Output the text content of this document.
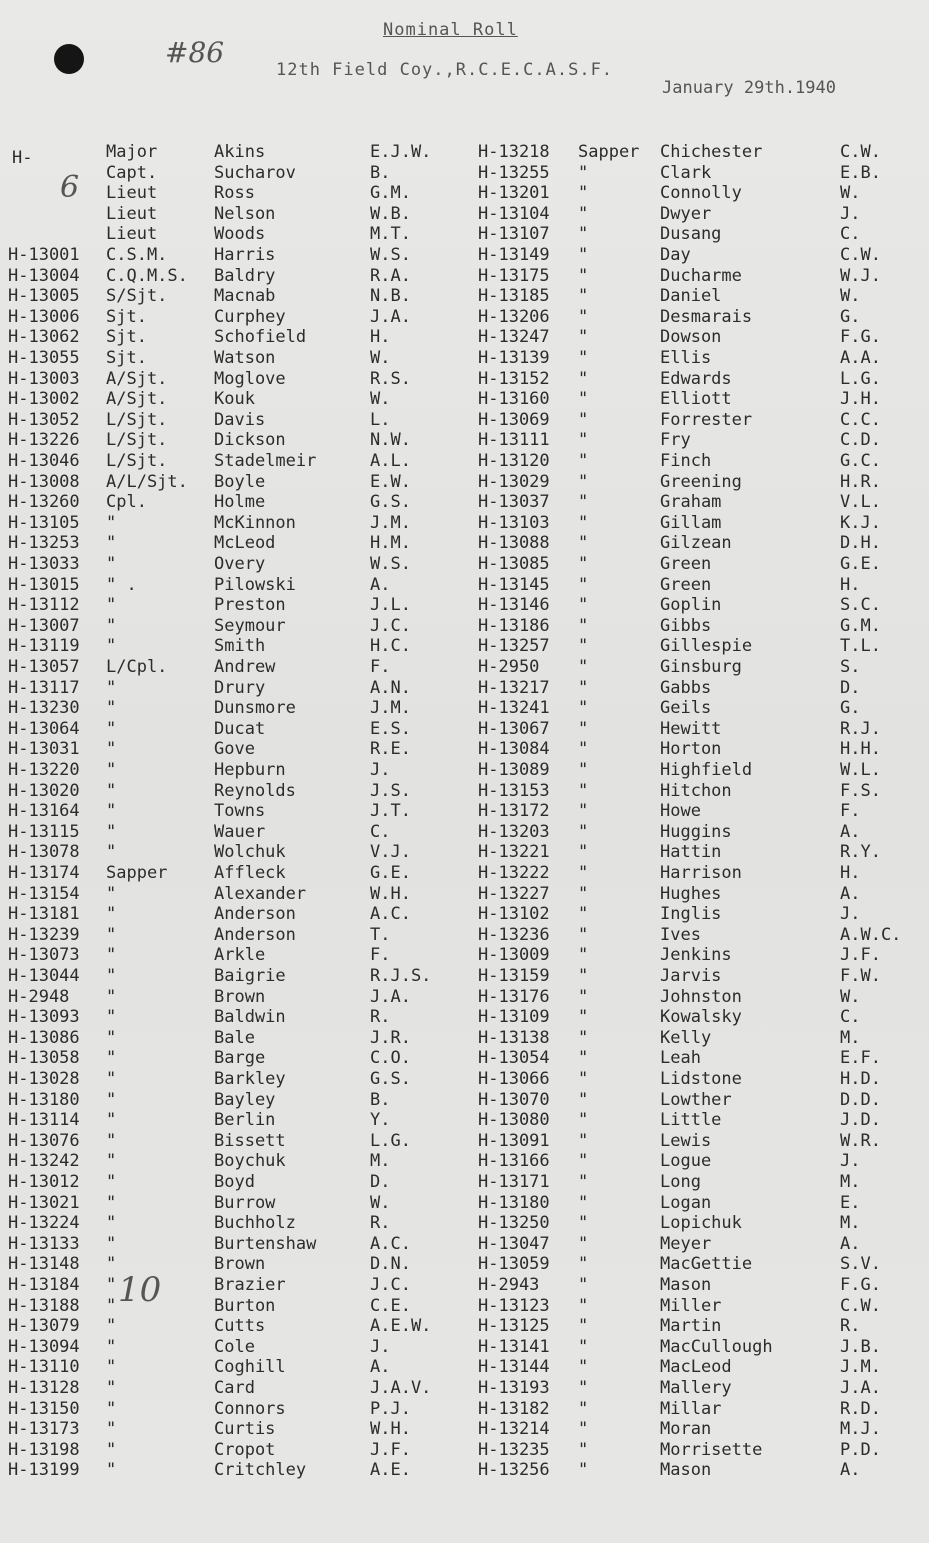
#86
Nominal Roll
12th Field Coy.,R.C.E.C.A.S.F.
January 29th.1940
H-
6
10
Major	Akins	E.J.W.
Capt.	Sucharov	B.
Lieut	Ross	G.M.
Lieut	Nelson	W.B.
Lieut	Woods	M.T.
H-13001 C.S.M.	Harris	W.S.
H-13004 C.Q.M.S. Baldry	R.A.
H-13005 S/Sjt.	Macnab	N.B.
H-13006 Sjt.	Curphey	J.A.
H-13062 Sjt.	Schofield	H.
H-13055 Sjt.	Watson	W.
H-13003 A/Sjt.	Moglove	R.S.
H-13002 A/Sjt.	Kouk	W.
H-13052 L/Sjt.	Davis	L.
H-13226 L/Sjt.	Dickson	N.W.
H-13046 L/Sjt.	Stadelmeir	A.L.
H-13008 A/L/Sjt. Boyle	E.W.
H-13260 Cpl.	Holme	G.S.
H-13105 "	McKinnon	J.M.
H-13253 "	McLeod	H.M.
H-13033 "	Overy	W.S.
H-13015 " .	Pilowski	A.
H-13112 "	Preston	J.L.
H-13007 "	Seymour	J.C.
H-13119 "	Smith	H.C.
H-13057 L/Cpl.	Andrew	F.
H-13117 "	Drury	A.N.
H-13230 "	Dunsmore	J.M.
H-13064 "	Ducat	E.S.
H-13031 "	Gove	R.E.
H-13220 "	Hepburn	J.
H-13020 "	Reynolds	J.S.
H-13164 "	Towns	J.T.
H-13115 "	Wauer	C.
H-13078 "	Wolchuk	V.J.
H-13174 Sapper	Affleck	G.E.
H-13154 "	Alexander	W.H.
H-13181 "	Anderson	A.C.
H-13239 "	Anderson	T.
H-13073 "	Arkle	F.
H-13044 "	Baigrie	R.J.S.
H-2948 "	Brown	J.A.
H-13093 "	Baldwin	R.
H-13086 "	Bale	J.R.
H-13058 "	Barge	C.O.
H-13028 "	Barkley	G.S.
H-13180 "	Bayley	B.
H-13114 "	Berlin	Y.
H-13076 "	Bissett	L.G.
H-13242 "	Boychuk	M.
H-13012 "	Boyd	D.
H-13021 "	Burrow	W.
H-13224 "	Buchholz	R.
H-13133 "	Burtenshaw	A.C.
H-13148 "	Brown	D.N.
H-13184 "	Brazier	J.C.
H-13188 "	Burton	C.E.
H-13079 "	Cutts	A.E.W.
H-13094 "	Cole	J.
H-13110 "	Coghill	A.
H-13128 "	Card	J.A.V.
H-13150 "	Connors	P.J.
H-13173 "	Curtis	W.H.
H-13198 "	Cropot	J.F.
H-13199 "	Critchley	A.E.
H-13218 Sapper Chichester	C.W.
H-13255 "	Clark	E.B.
H-13201 "	Connolly	W.
H-13104 "	Dwyer	J.
H-13107 "	Dusang	C.
H-13149 "	Day	C.W.
H-13175 "	Ducharme	W.J.
H-13185 "	Daniel	W.
H-13206 "	Desmarais	G.
H-13247 "	Dowson	F.G.
H-13139 "	Ellis	A.A.
H-13152 "	Edwards	L.G.
H-13160 "	Elliott	J.H.
H-13069 "	Forrester	C.C.
H-13111 "	Fry	C.D.
H-13120 "	Finch	G.C.
H-13029 "	Greening	H.R.
H-13037 "	Graham	V.L.
H-13103 "	Gillam	K.J.
H-13088 "	Gilzean	D.H.
H-13085 "	Green	G.E.
H-13145 "	Green	H.
H-13146 "	Goplin	S.C.
H-13186 "	Gibbs	G.M.
H-13257 "	Gillespie	T.L.
H-2950 "	Ginsburg	S.
H-13217 "	Gabbs	D.
H-13241 "	Geils	G.
H-13067 "	Hewitt	R.J.
H-13084 "	Horton	H.H.
H-13089 "	Highfield	W.L.
H-13153 "	Hitchon	F.S.
H-13172 "	Howe	F.
H-13203 "	Huggins	A.
H-13221 "	Hattin	R.Y.
H-13222 "	Harrison	H.
H-13227 "	Hughes	A.
H-13102 "	Inglis	J.
H-13236 "	Ives	A.W.C.
H-13009 "	Jenkins	J.F.
H-13159 "	Jarvis	F.W.
H-13176 "	Johnston	W.
H-13109 "	Kowalsky	C.
H-13138 "	Kelly	M.
H-13054 "	Leah	E.F.
H-13066 "	Lidstone	H.D.
H-13070 "	Lowther	D.D.
H-13080 "	Little	J.D.
H-13091 "	Lewis	W.R.
H-13166 "	Logue	J.
H-13171 "	Long	M.
H-13180 "	Logan	E.
H-13250 "	Lopichuk	M.
H-13047 "	Meyer	A.
H-13059 "	MacGettie	S.V.
H-2943 "	Mason	F.G.
H-13123 "	Miller	C.W.
H-13125 "	Martin	R.
H-13141 "	MacCullough	J.B.
H-13144 "	MacLeod	J.M.
H-13193 "	Mallery	J.A.
H-13182 "	Millar	R.D.
H-13214 "	Moran	M.J.
H-13235 "	Morrisette	P.D.
H-13256 "	Mason	A.
